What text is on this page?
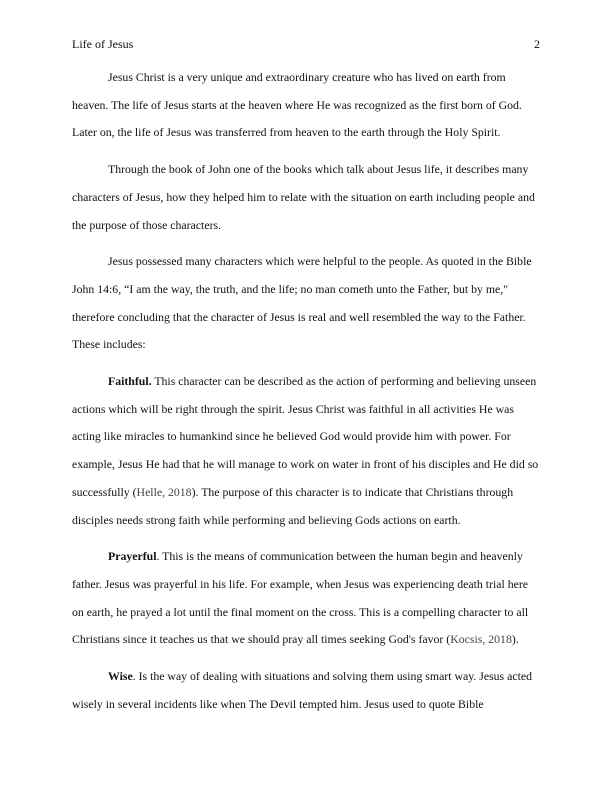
Life of Jesus	2

Jesus Christ is a very unique and extraordinary creature who has lived on earth from heaven. The life of Jesus starts at the heaven where He was recognized as the first born of God. Later on, the life of Jesus was transferred from heaven to the earth through the Holy Spirit.

Through the book of John one of the books which talk about Jesus life, it describes many characters of Jesus, how they helped him to relate with the situation on earth including people and the purpose of those characters.

Jesus possessed many characters which were helpful to the people. As quoted in the Bible John 14:6, “I am the way, the truth, and the life; no man cometh unto the Father, but by me," therefore concluding that the character of Jesus is real and well resembled the way to the Father. These includes:

Faithful. This character can be described as the action of performing and believing unseen actions which will be right through the spirit. Jesus Christ was faithful in all activities He was acting like miracles to humankind since he believed God would provide him with power. For example, Jesus He had that he will manage to work on water in front of his disciples and He did so successfully (Helle, 2018). The purpose of this character is to indicate that Christians through disciples needs strong faith while performing and believing Gods actions on earth.

Prayerful. This is the means of communication between the human begin and heavenly father. Jesus was prayerful in his life. For example, when Jesus was experiencing death trial here on earth, he prayed a lot until the final moment on the cross. This is a compelling character to all Christians since it teaches us that we should pray all times seeking God's favor (Kocsis, 2018).

Wise. Is the way of dealing with situations and solving them using smart way. Jesus acted wisely in several incidents like when The Devil tempted him. Jesus used to quote Bible
